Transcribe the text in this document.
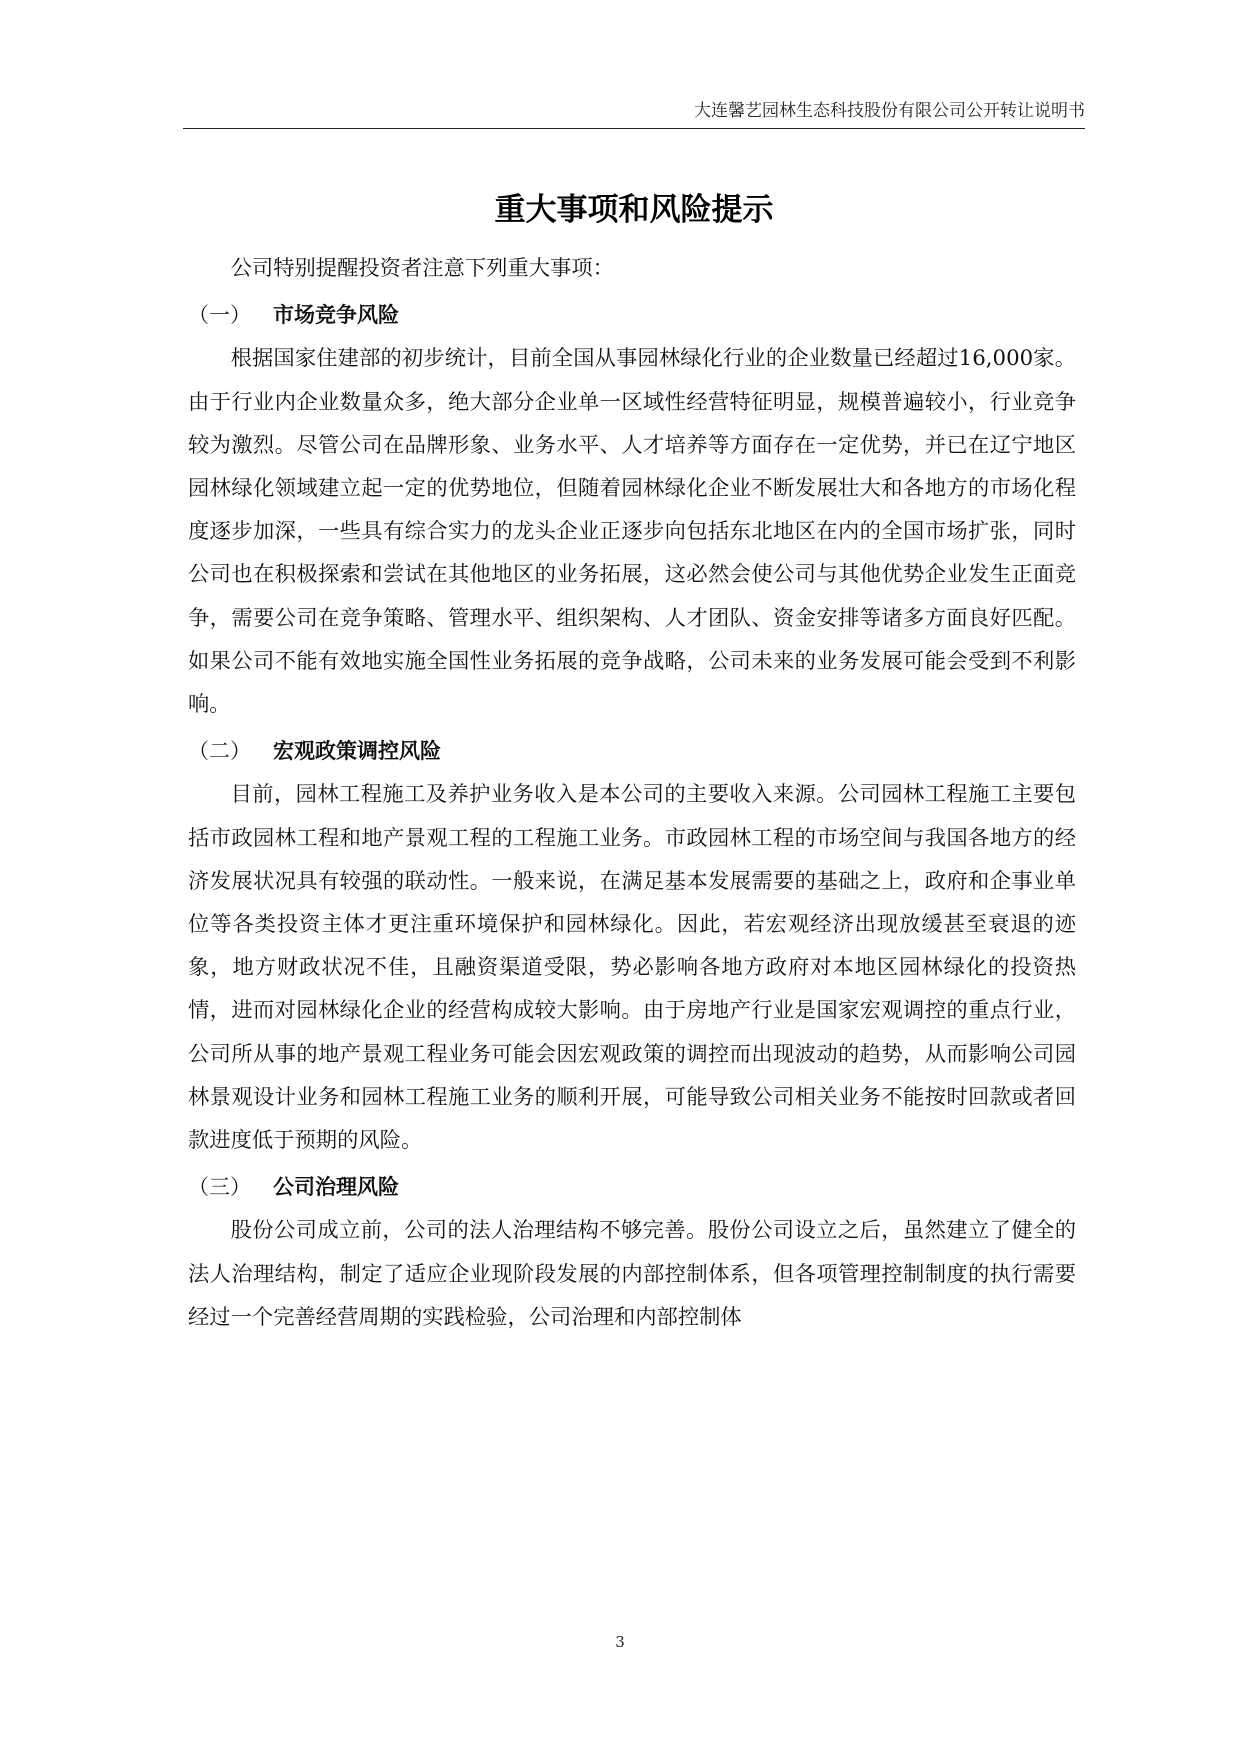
大连馨艺园林生态科技股份有限公司公开转让说明书
重大事项和风险提示

公司特别提醒投资者注意下列重大事项：

（一）	市场竞争风险

根据国家住建部的初步统计，目前全国从事园林绿化行业的企业数量已经超过16,000家。由于行业内企业数量众多，绝大部分企业单一区域性经营特征明显，规模普遍较小，行业竞争较为激烈。尽管公司在品牌形象、业务水平、人才培养等方面存在一定优势，并已在辽宁地区园林绿化领域建立起一定的优势地位，但随着园林绿化企业不断发展壮大和各地方的市场化程度逐步加深，一些具有综合实力的龙头企业正逐步向包括东北地区在内的全国市场扩张，同时公司也在积极探索和尝试在其他地区的业务拓展，这必然会使公司与其他优势企业发生正面竞争，需要公司在竞争策略、管理水平、组织架构、人才团队、资金安排等诸多方面良好匹配。如果公司不能有效地实施全国性业务拓展的竞争战略，公司未来的业务发展可能会受到不利影响。

（二）	宏观政策调控风险

目前，园林工程施工及养护业务收入是本公司的主要收入来源。公司园林工程施工主要包括市政园林工程和地产景观工程的工程施工业务。市政园林工程的市场空间与我国各地方的经济发展状况具有较强的联动性。一般来说，在满足基本发展需要的基础之上，政府和企事业单位等各类投资主体才更注重环境保护和园林绿化。因此，若宏观经济出现放缓甚至衰退的迹象，地方财政状况不佳，且融资渠道受限，势必影响各地方政府对本地区园林绿化的投资热情，进而对园林绿化企业的经营构成较大影响。由于房地产行业是国家宏观调控的重点行业，公司所从事的地产景观工程业务可能会因宏观政策的调控而出现波动的趋势，从而影响公司园林景观设计业务和园林工程施工业务的顺利开展，可能导致公司相关业务不能按时回款或者回款进度低于预期的风险。

（三）	公司治理风险

股份公司成立前，公司的法人治理结构不够完善。股份公司设立之后，虽然建立了健全的法人治理结构，制定了适应企业现阶段发展的内部控制体系，但各项管理控制制度的执行需要经过一个完善经营周期的实践检验，公司治理和内部控制体

3
